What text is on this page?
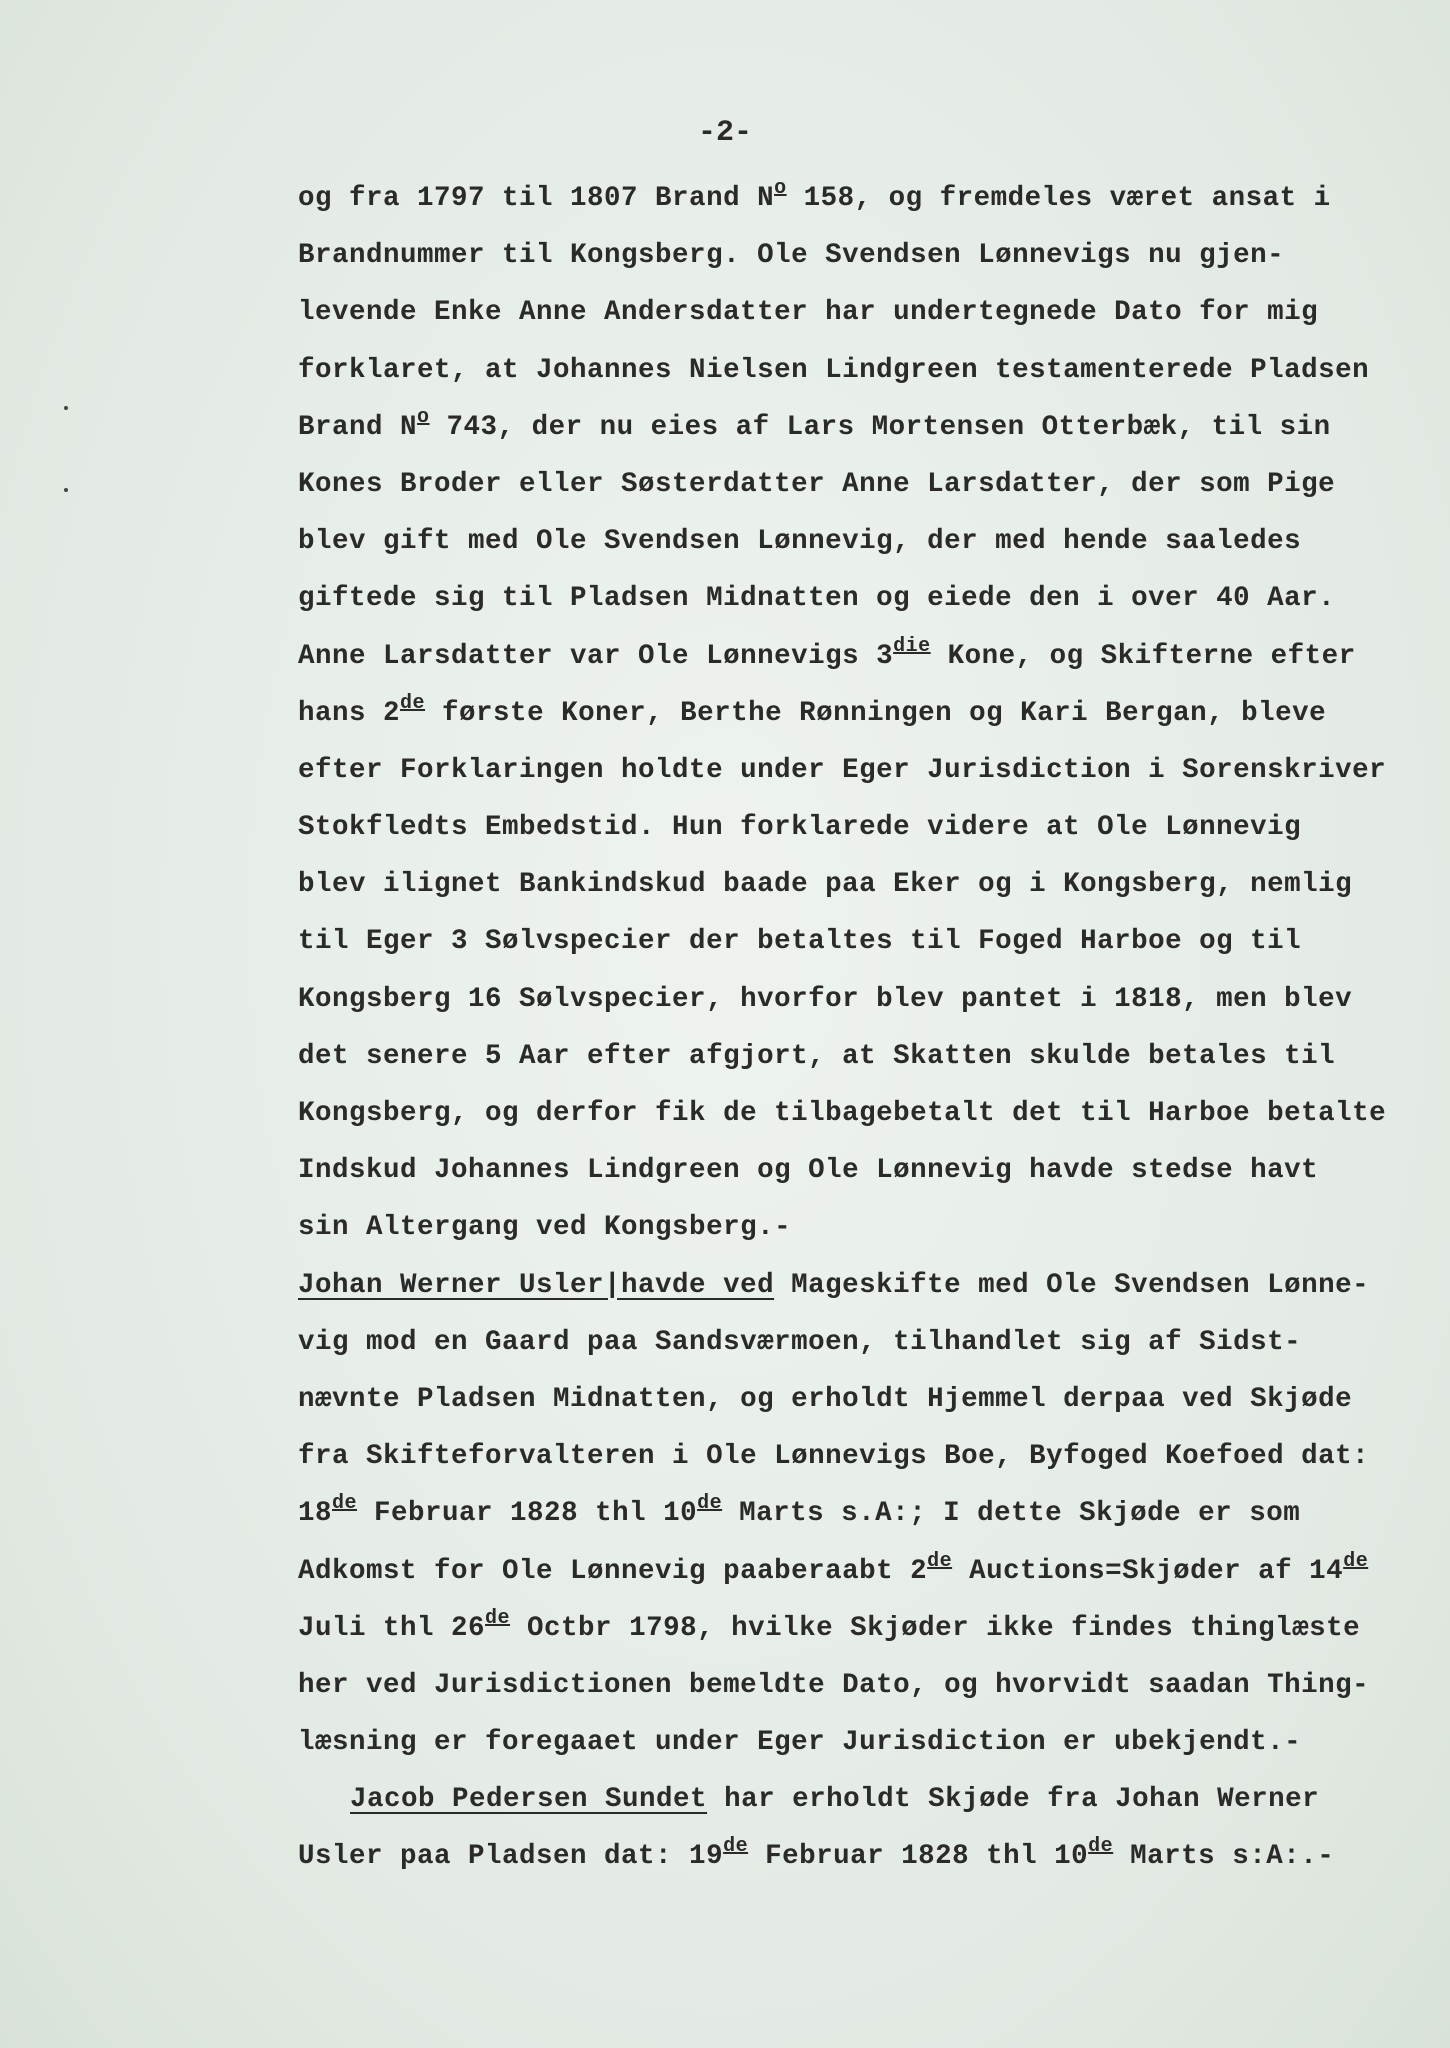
-2-
og fra 1797 til 1807 Brand $N^o$ 158, og fremdeles været ansat i
Brandnummer til Kongsberg. Ole Svendsen Lønnevigs nu gjen-
levende Enke Anne Andersdatter har undertegnede Dato for mig
forklaret, at Johannes Nielsen Lindgreen testamenterede Pladsen
Brand $N^o$ 743, der nu eies af Lars Mortensen Otterbæk, til sin
Kones Broder eller Søsterdatter Anne Larsdatter, der som Pige
blev gift med Ole Svendsen Lønnevig, der med hende saaledes
giftede sig til Pladsen Midnatten og eiede den i over 40 Aar.
Anne Larsdatter var Ole Lønnevigs $3^{die}$ Kone, og Skifterne efter
hans 2de første Koner, Berthe Rønningen og Kari Bergan, bleve
efter Forklaringen holdte under Eger Jurisdiction i Sorenskriver
Stokfledts Embedstid. Hun forklarede videre at Ole Lønnevig
blev ilignet Bankindskud baade paa Eker og i Kongsberg, nemlig
til Eger 3 Sølvspecier der betaltes til Foged Harboe og til
Kongsberg 16 Sølvspecier, hvorfor blev pantet i 1818, men blev
det senere 5 Aar efter afgjort, at Skatten skulde betales til
Kongsberg, og derfor fik de tilbagebetalt det til Harboe betalte
Indskud Johannes Lindgreen og Ole Lønnevig havde stedse havt
sin Altergang ved Kongsberg.-
Johan Werner Usler|havde ved Mageskifte med Ole Svendsen Lønne-
vig mod en Gaard paa Sandsværmoen, tilhandlet sig af Sidst-
nævnte Pladsen Midnatten, og erholdt Hjemmel derpaa ved Skjøde
fra Skifteforvalteren i Ole Lønnevigs Boe, Byfoged Koefoed dat:
18de Februar 1828 thl 10de Marts s.A:; I dette Skjøde er som
Adkomst for Ole Lønnevig paaberaabt 2de Auctions=Skjøder af 14de
Juli thl 26de Octbr 1798, hvilke Skjøder ikke findes thinglæste
her ved Jurisdictionen bemeldte Dato, og hvorvidt saadan Thing-
læsning er foregaaet under Eger Jurisdiction er ubekjendt.-
Jacob Pedersen Sundet har erholdt Skjøde fra Johan Werner
Usler paa Pladsen dat: 19de Februar 1828 thl 10de Marts s:A:.-
